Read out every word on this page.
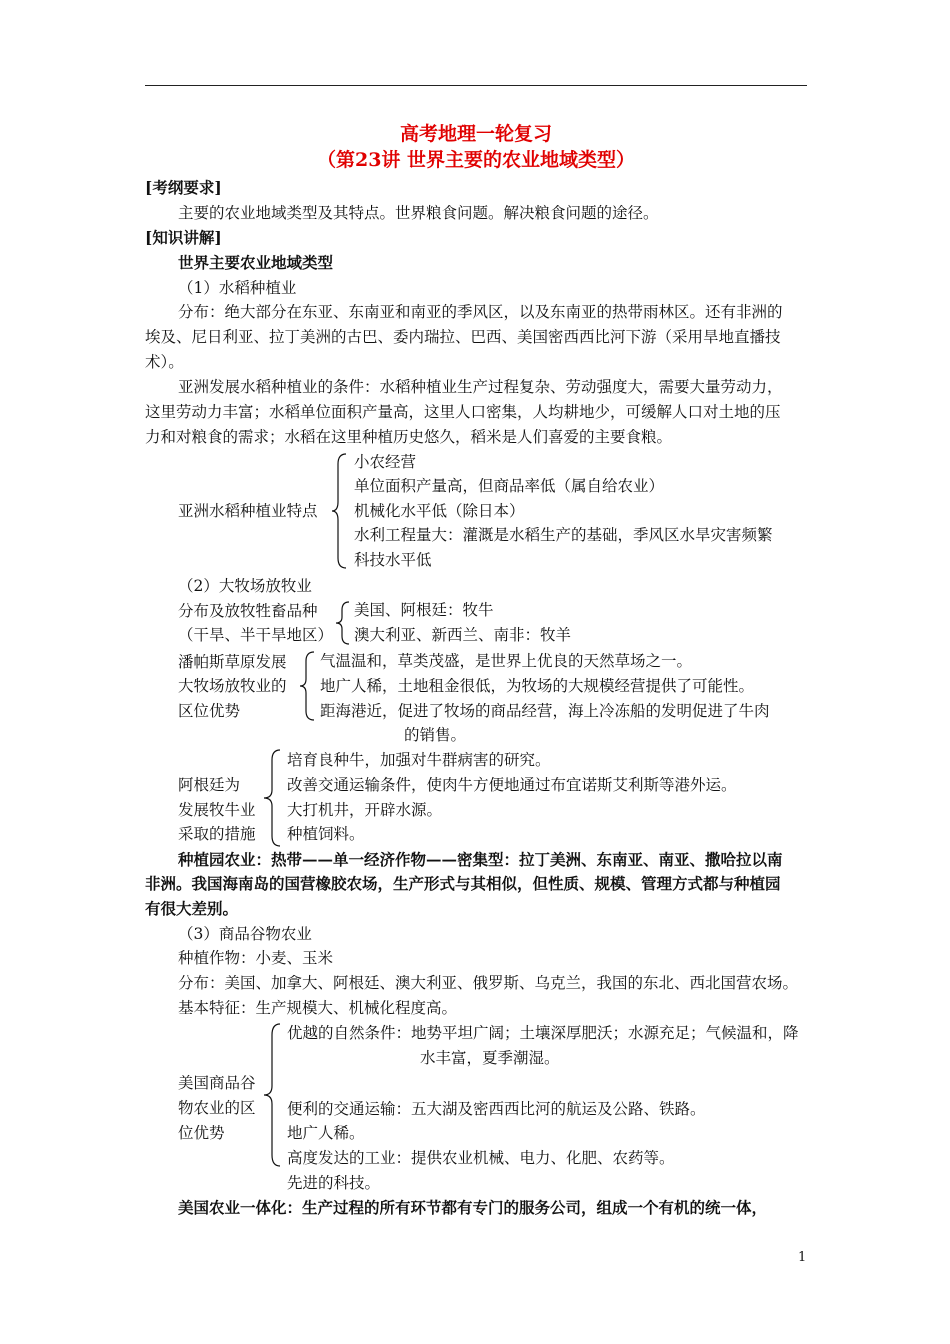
高考地理一轮复习
（第23讲 世界主要的农业地域类型）
[考纲要求]
主要的农业地域类型及其特点。世界粮食问题。解决粮食问题的途径。
[知识讲解]
世界主要农业地域类型
（1）水稻种植业
分布：绝大部分在东亚、东南亚和南亚的季风区，以及东南亚的热带雨林区。还有非洲的
埃及、尼日利亚、拉丁美洲的古巴、委内瑞拉、巴西、美国密西西比河下游（采用旱地直播技
术）。
亚洲发展水稻种植业的条件：水稻种植业生产过程复杂、劳动强度大，需要大量劳动力，
这里劳动力丰富；水稻单位面积产量高，这里人口密集，人均耕地少，可缓解人口对土地的压
力和对粮食的需求；水稻在这里种植历史悠久，稻米是人们喜爱的主要食粮。
亚洲水稻种植业特点
小农经营
单位面积产量高，但商品率低（属自给农业）
机械化水平低（除日本）
水利工程量大：灌溉是水稻生产的基础，季风区水旱灾害频繁
科技水平低
（2）大牧场放牧业
分布及放牧牲畜品种
（干旱、半干旱地区）
美国、阿根廷：牧牛
澳大利亚、新西兰、南非：牧羊
潘帕斯草原发展
大牧场放牧业的
区位优势
气温温和，草类茂盛，是世界上优良的天然草场之一。
地广人稀，土地租金很低，为牧场的大规模经营提供了可能性。
距海港近，促进了牧场的商品经营，海上冷冻船的发明促进了牛肉
的销售。
阿根廷为
发展牧牛业
采取的措施
培育良种牛，加强对牛群病害的研究。
改善交通运输条件，使肉牛方便地通过布宜诺斯艾利斯等港外运。
大打机井，开辟水源。
种植饲料。
种植园农业：热带——单一经济作物——密集型：拉丁美洲、东南亚、南亚、撒哈拉以南
非洲。我国海南岛的国营橡胶农场，生产形式与其相似，但性质、规模、管理方式都与种植园
有很大差别。
（3）商品谷物农业
种植作物：小麦、玉米
分布：美国、加拿大、阿根廷、澳大利亚、俄罗斯、乌克兰，我国的东北、西北国营农场。
基本特征：生产规模大、机械化程度高。
美国商品谷
物农业的区
位优势
优越的自然条件：地势平坦广阔；土壤深厚肥沃；水源充足；气候温和，降
水丰富，夏季潮湿。
便利的交通运输：五大湖及密西西比河的航运及公路、铁路。
地广人稀。
高度发达的工业：提供农业机械、电力、化肥、农药等。
先进的科技。
美国农业一体化：生产过程的所有环节都有专门的服务公司，组成一个有机的统一体，
1
